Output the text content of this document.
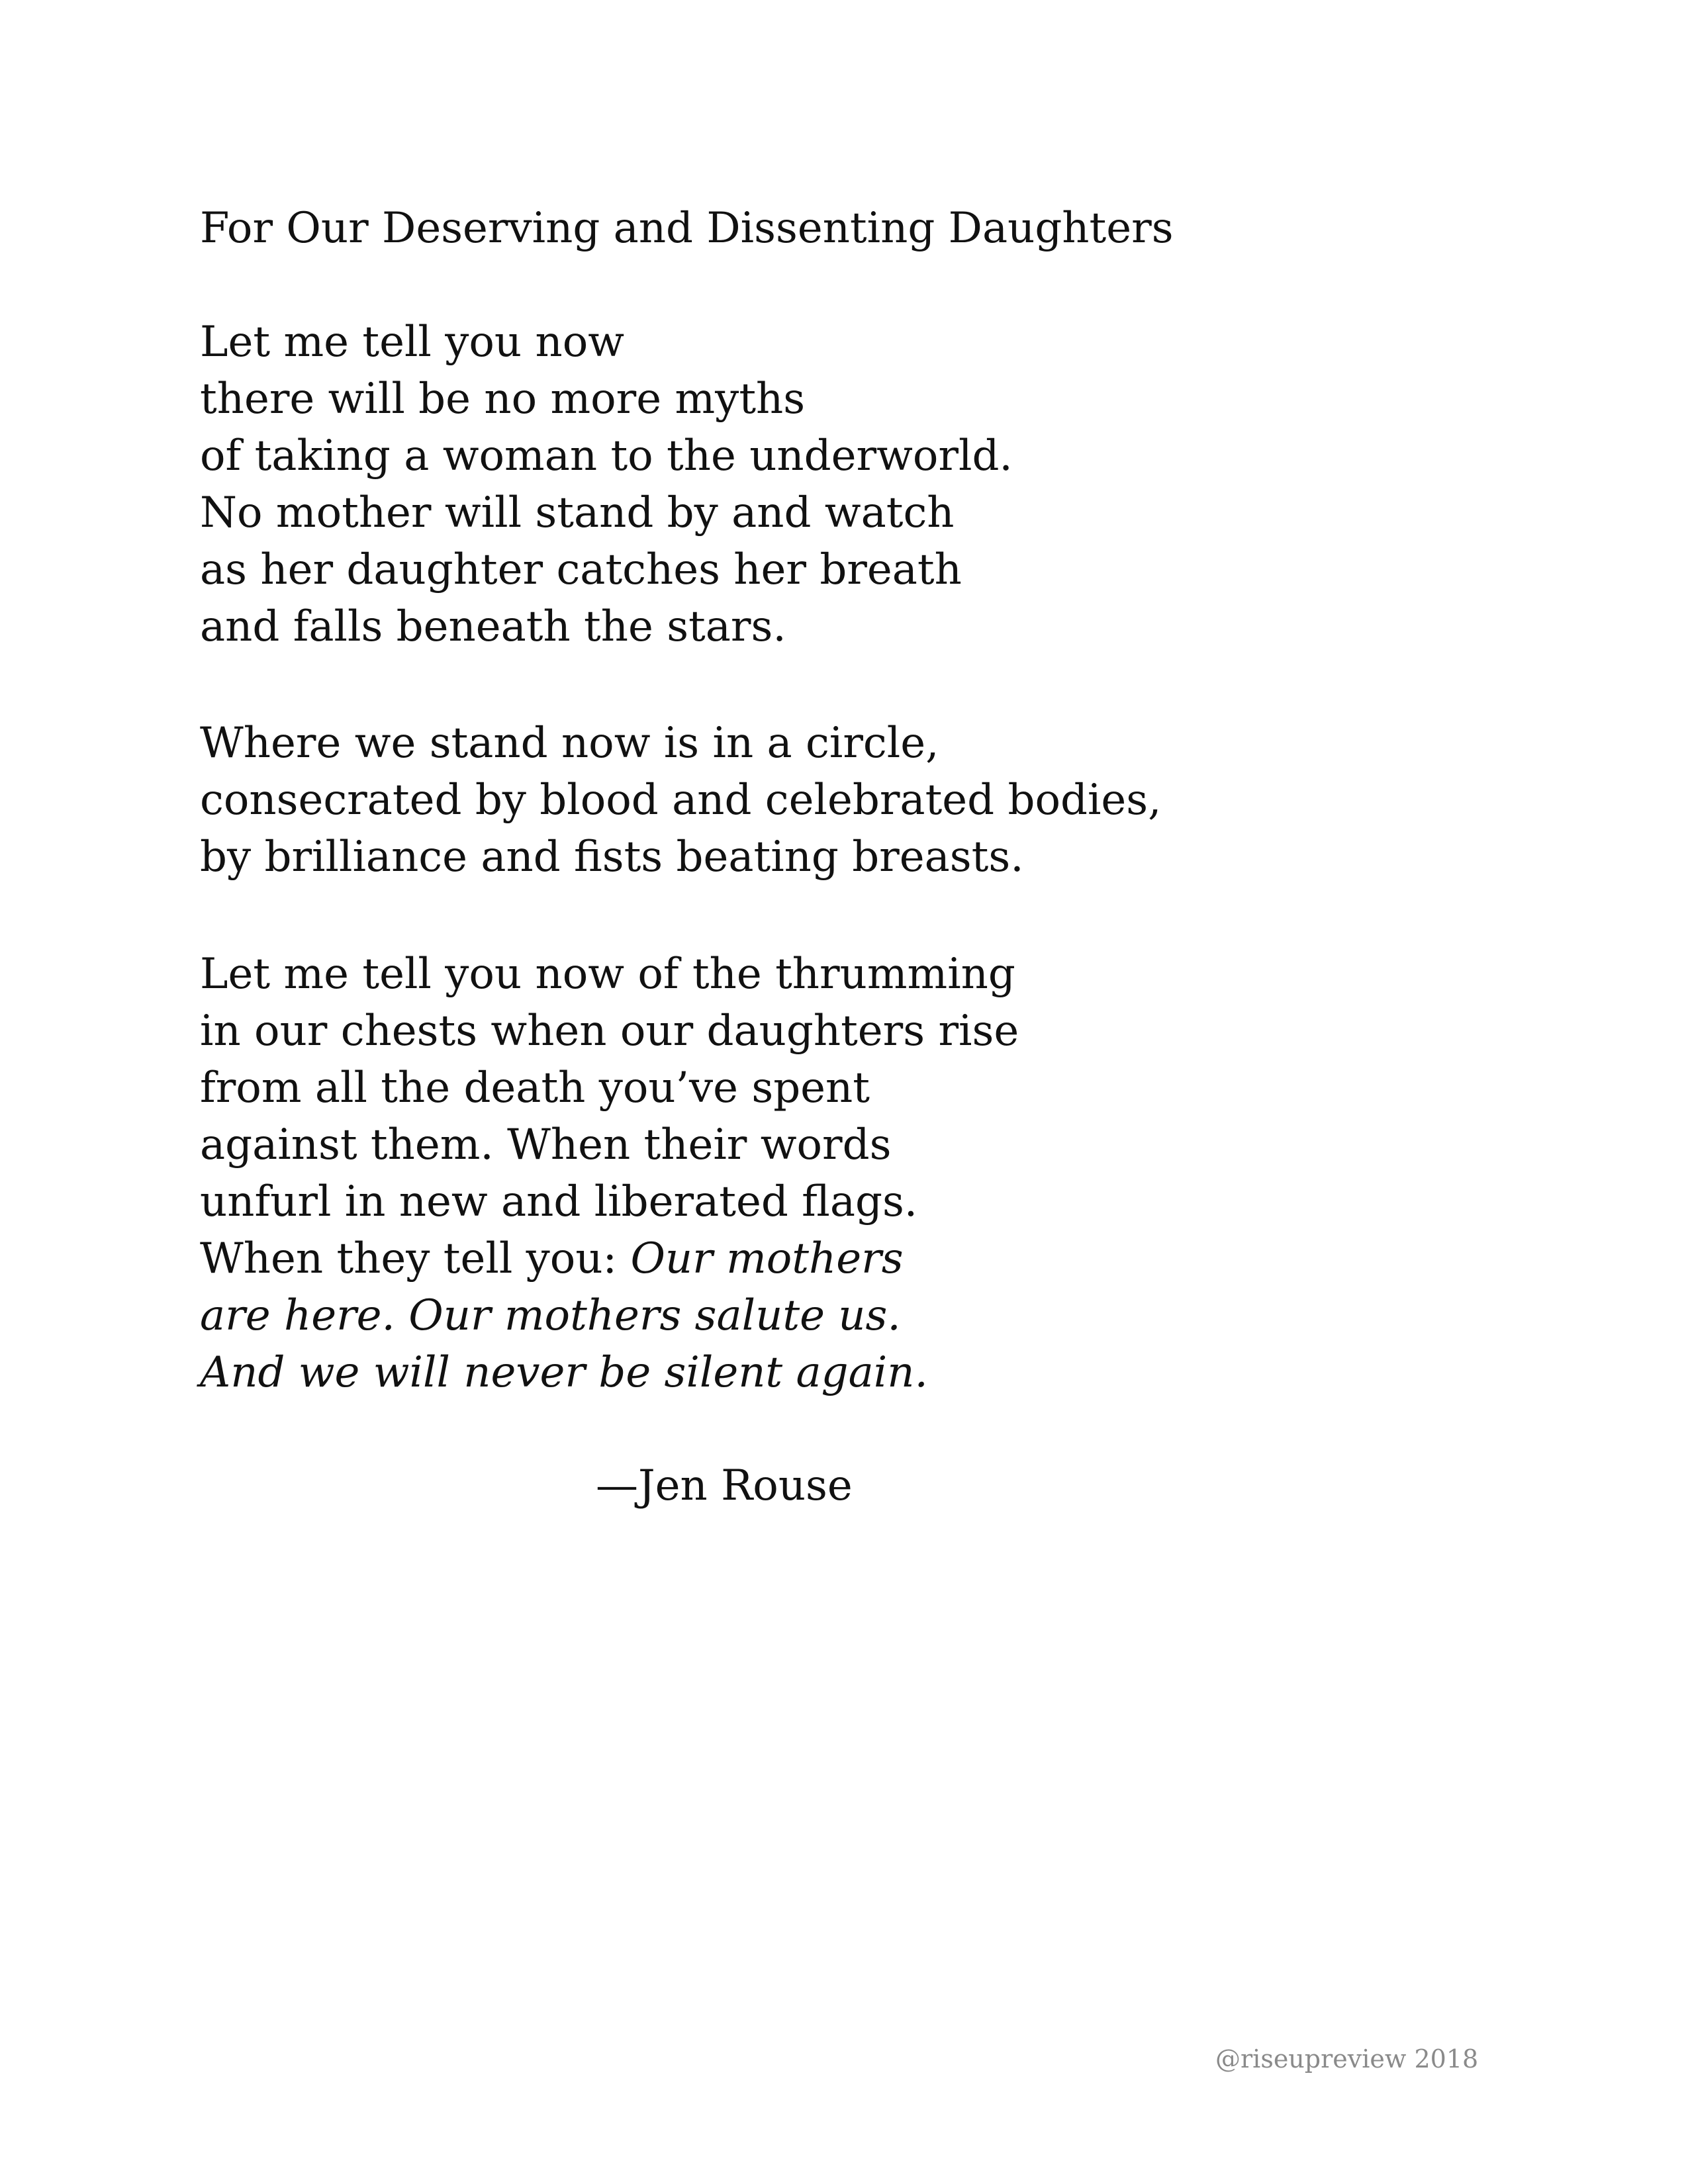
For Our Deserving and Dissenting Daughters
Let me tell you now
there will be no more myths
of taking a woman to the underworld.
No mother will stand by and watch
as her daughter catches her breath
and falls beneath the stars.
Where we stand now is in a circle,
consecrated by blood and celebrated bodies,
by brilliance and fists beating breasts.
Let me tell you now of the thrumming
in our chests when our daughters rise
from all the death you’ve spent
against them. When their words
unfurl in new and liberated flags.
When they tell you: Our mothers
are here. Our mothers salute us.
And we will never be silent again.
—Jen Rouse
@riseupreview 2018
